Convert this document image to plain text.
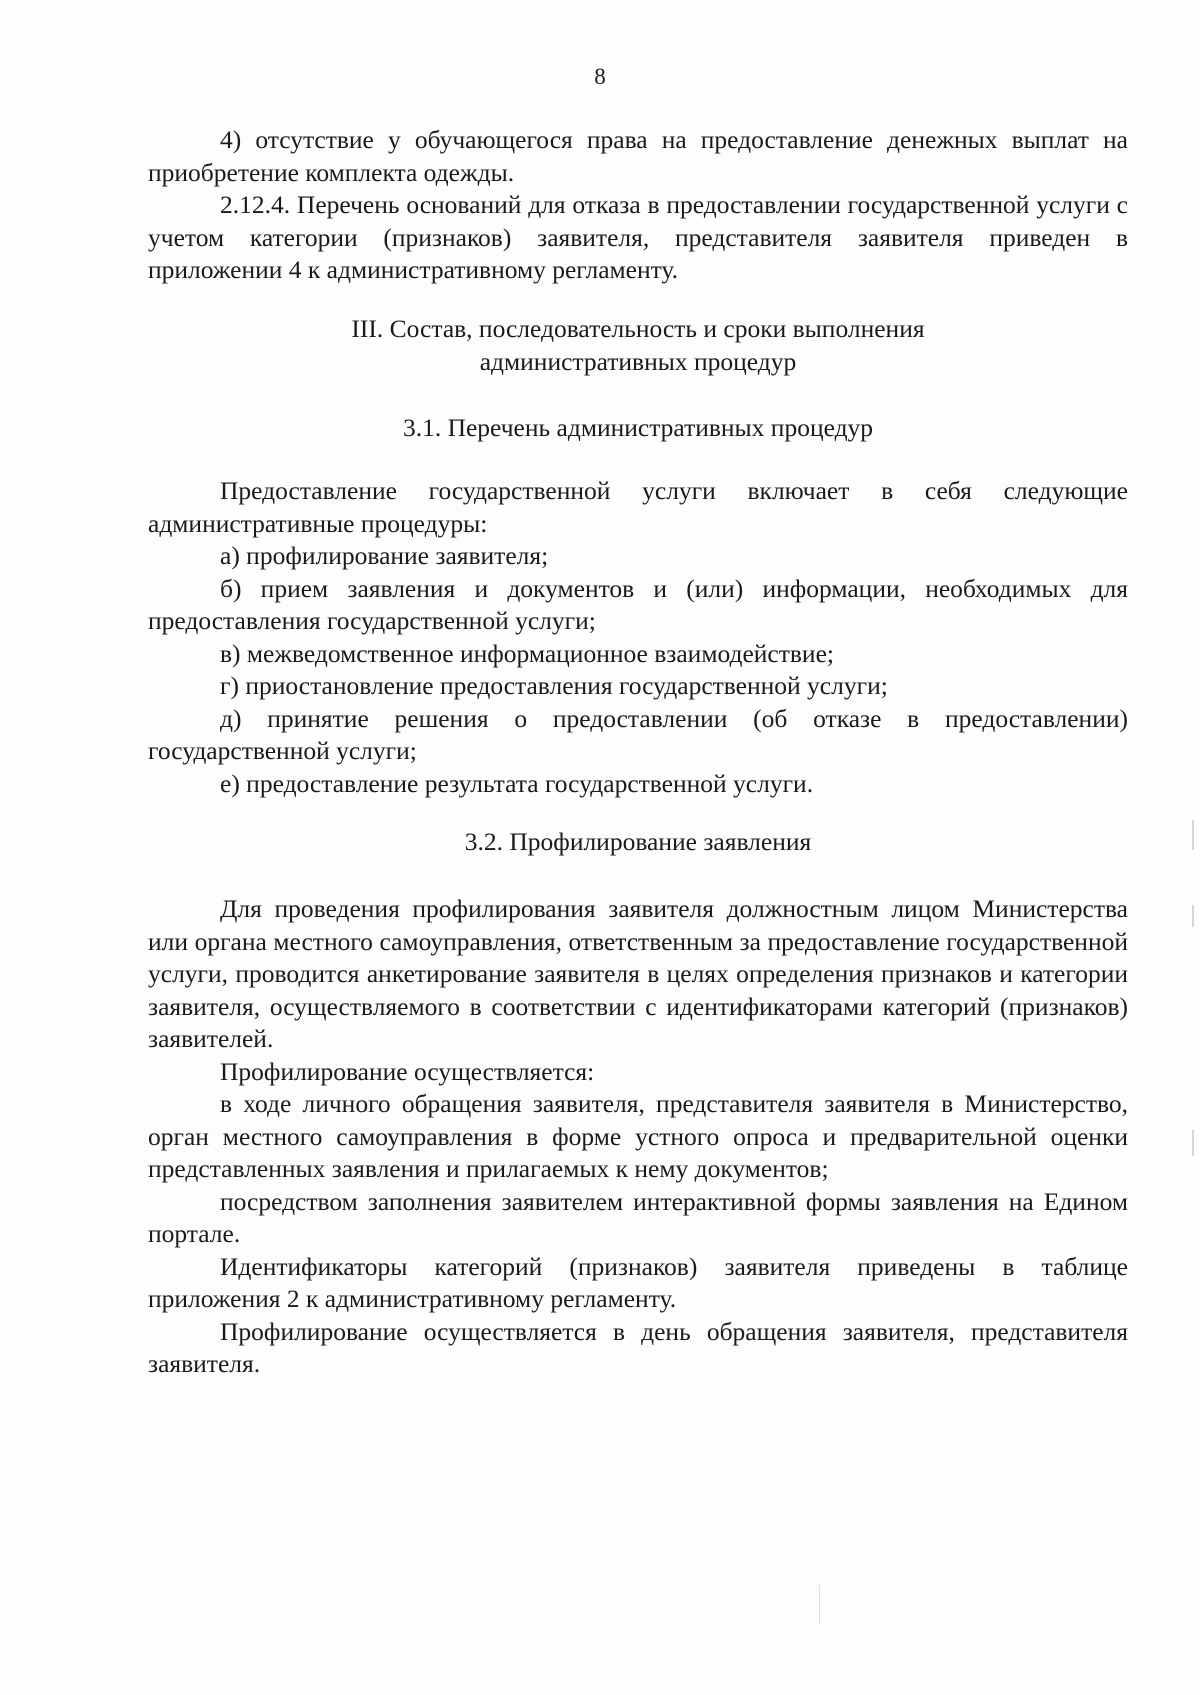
8

4) отсутствие у обучающегося права на предоставление денежных выплат на приобретение комплекта одежды.

2.12.4. Перечень оснований для отказа в предоставлении государственной услуги с учетом категории (признаков) заявителя, представителя заявителя приведен в приложении 4 к административному регламенту.

III. Состав, последовательность и сроки выполнения

административных процедур

3.1. Перечень административных процедур

Предоставление государственной услуги включает в себя следующие административные процедуры:

а) профилирование заявителя;

б) прием заявления и документов и (или) информации, необходимых для предоставления государственной услуги;

в) межведомственное информационное взаимодействие;

г) приостановление предоставления государственной услуги;

д) принятие решения о предоставлении (об отказе в предоставлении) государственной услуги;

е) предоставление результата государственной услуги.

3.2. Профилирование заявления

Для проведения профилирования заявителя должностным лицом Министерства или органа местного самоуправления, ответственным за предоставление государственной услуги, проводится анкетирование заявителя в целях определения признаков и категории заявителя, осуществляемого в соответствии с идентификаторами категорий (признаков) заявителей.

Профилирование осуществляется:

в ходе личного обращения заявителя, представителя заявителя в Министерство, орган местного самоуправления в форме устного опроса и предварительной оценки представленных заявления и прилагаемых к нему документов;

посредством заполнения заявителем интерактивной формы заявления на Едином портале.

Идентификаторы категорий (признаков) заявителя приведены в таблице приложения 2 к административному регламенту.

Профилирование осуществляется в день обращения заявителя, представителя заявителя.
